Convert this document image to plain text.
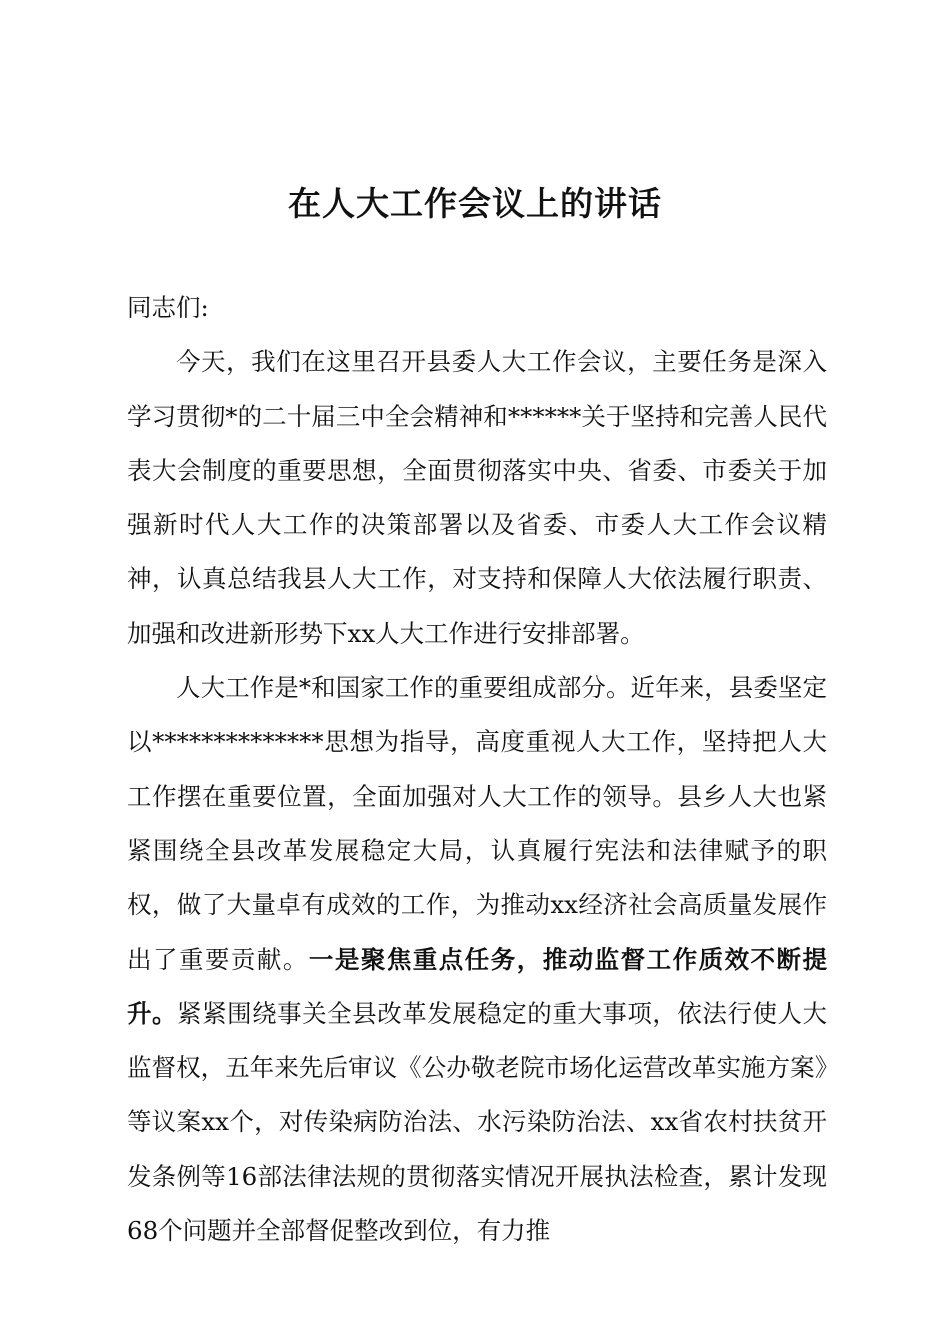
在人大工作会议上的讲话

同志们:

今天，我们在这里召开县委人大工作会议，主要任务是深入学习贯彻*的二十届三中全会精神和******关于坚持和完善人民代表大会制度的重要思想，全面贯彻落实中央、省委、市委关于加强新时代人大工作的决策部署以及省委、市委人大工作会议精神，认真总结我县人大工作，对支持和保障人大依法履行职责、加强和改进新形势下xx人大工作进行安排部署。

人大工作是*和国家工作的重要组成部分。近年来，县委坚定以**************思想为指导，高度重视人大工作，坚持把人大工作摆在重要位置，全面加强对人大工作的领导。县乡人大也紧紧围绕全县改革发展稳定大局，认真履行宪法和法律赋予的职权，做了大量卓有成效的工作，为推动xx经济社会高质量发展作出了重要贡献。一是聚焦重点任务，推动监督工作质效不断提升。紧紧围绕事关全县改革发展稳定的重大事项，依法行使人大监督权，五年来先后审议《公办敬老院市场化运营改革实施方案》等议案xx个，对传染病防治法、水污染防治法、xx省农村扶贫开发条例等16部法律法规的贯彻落实情况开展执法检查，累计发现68个问题并全部督促整改到位，有力推
